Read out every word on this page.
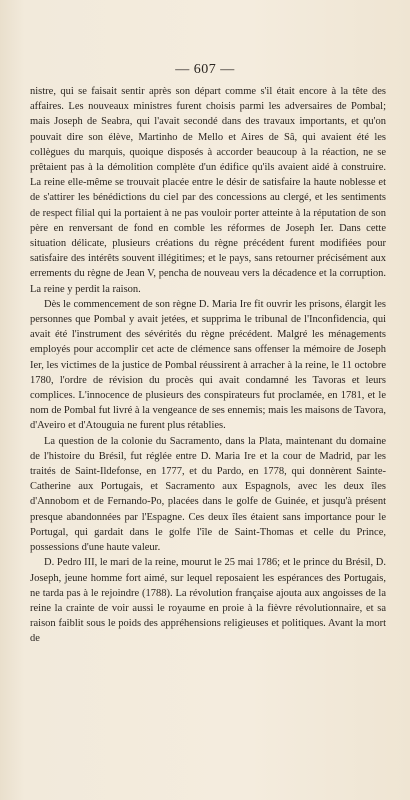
— 607 —

nistre, qui se faisait sentir après son départ comme s'il était encore à la tête des affaires. Les nouveaux ministres furent choisis parmi les adversaires de Pombal; mais Joseph de Seabra, qui l'avait secondé dans des travaux importants, et qu'on pouvait dire son élève, Martinho de Mello et Aires de Sâ, qui avaient été les collègues du marquis, quoique disposés à accorder beaucoup à la réaction, ne se prêtaient pas à la démolition complète d'un édifice qu'ils avaient aidé à construire. La reine elle-même se trouvait placée entre le désir de satisfaire la haute noblesse et de s'attirer les bénédictions du ciel par des concessions au clergé, et les sentiments de respect filial qui la portaient à ne pas vouloir porter atteinte à la réputation de son père en renversant de fond en comble les réformes de Joseph Ier. Dans cette situation délicate, plusieurs créations du règne précédent furent modifiées pour satisfaire des intérêts souvent illégitimes; et le pays, sans retourner précisément aux errements du règne de Jean V, pencha de nouveau vers la décadence et la corruption. La reine y perdit la raison.

Dès le commencement de son règne D. Maria Ire fit ouvrir les prisons, élargit les personnes que Pombal y avait jetées, et supprima le tribunal de l'Inconfidencia, qui avait été l'instrument des sévérités du règne précédent. Malgré les ménagements employés pour accomplir cet acte de clémence sans offenser la mémoire de Joseph Ier, les victimes de la justice de Pombal réussirent à arracher à la reine, le 11 octobre 1780, l'ordre de révision du procès qui avait condamné les Tavoras et leurs complices. L'innocence de plusieurs des conspirateurs fut proclamée, en 1781, et le nom de Pombal fut livré à la vengeance de ses ennemis; mais les maisons de Tavora, d'Aveiro et d'Atouguia ne furent plus rétablies.

La question de la colonie du Sacramento, dans la Plata, maintenant du domaine de l'histoire du Brésil, fut réglée entre D. Maria Ire et la cour de Madrid, par les traités de Saint-Ildefonse, en 1777, et du Pardo, en 1778, qui donnèrent Sainte-Catherine aux Portugais, et Sacramento aux Espagnols, avec les deux îles d'Annobom et de Fernando-Po, placées dans le golfe de Guinée, et jusqu'à présent presque abandonnées par l'Espagne. Ces deux îles étaient sans importance pour le Portugal, qui gardait dans le golfe l'île de Saint-Thomas et celle du Prince, possessions d'une haute valeur.

D. Pedro III, le mari de la reine, mourut le 25 mai 1786; et le prince du Brésil, D. Joseph, jeune homme fort aimé, sur lequel reposaient les espérances des Portugais, ne tarda pas à le rejoindre (1788). La révolution française ajouta aux angoisses de la reine la crainte de voir aussi le royaume en proie à la fièvre révolutionnaire, et sa raison faiblit sous le poids des appréhensions religieuses et politiques. Avant la mort de
